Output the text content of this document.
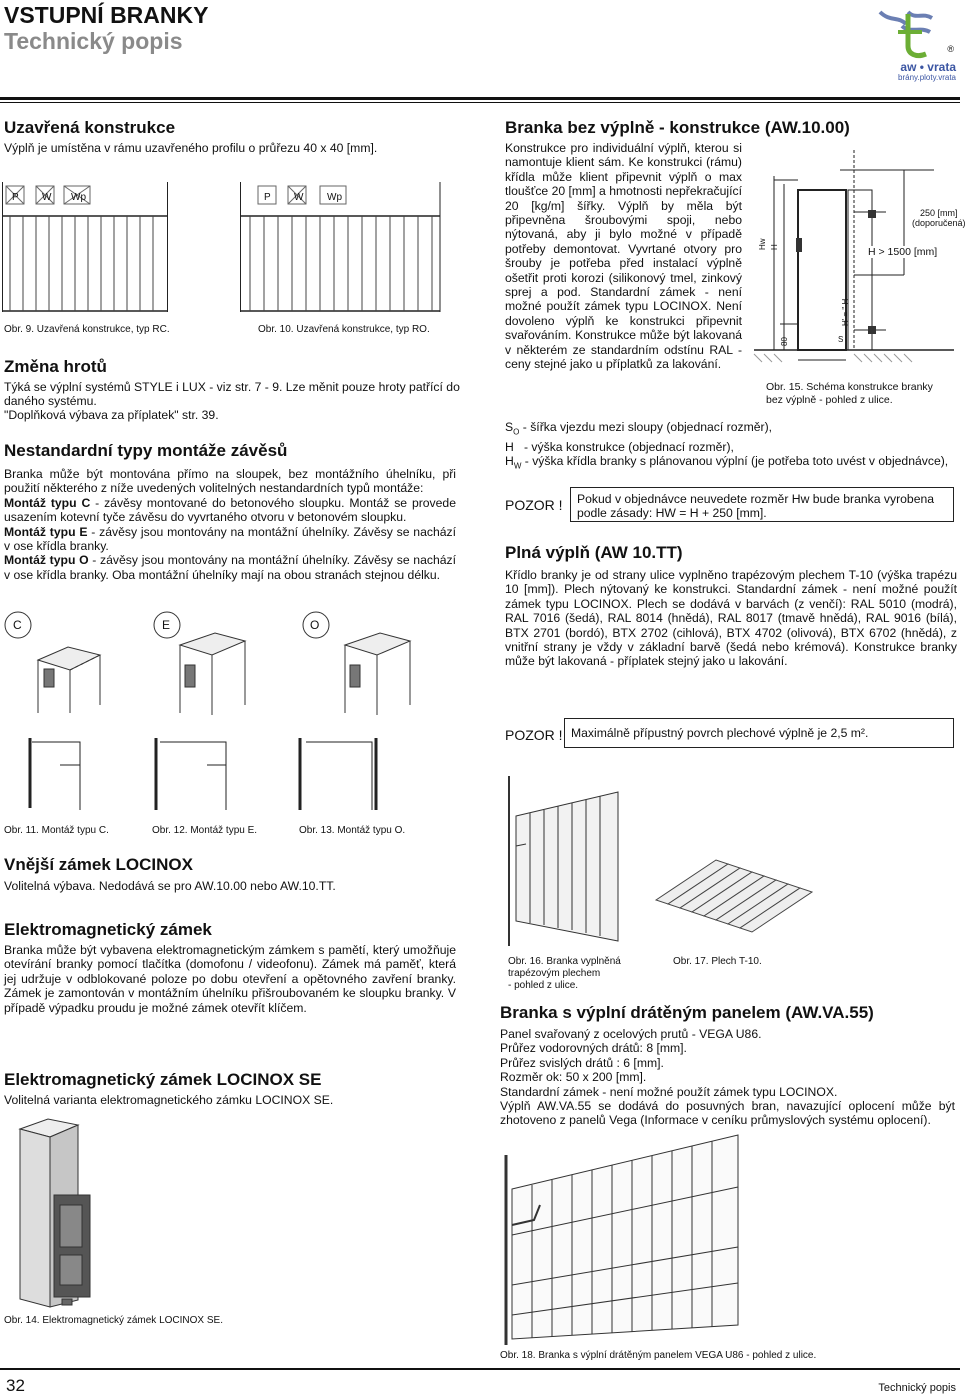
VSTUPNÍ BRANKY
Technický popis	®
aw • vrata
brány.ploty.vrata
Uzavřená konstrukce
Výplň je umístěna v rámu uzavřeného profilu o průřezu 40 x 40 [mm].
P W Wp
Obr. 9. Uzavřená konstrukce, typ RC.
P W Wp
Obr. 10. Uzavřená konstrukce, typ RO.
Změna hrotů
Týká se výplní systémů STYLE i LUX - viz str. 7 - 9. Lze měnit pouze hroty patřící do
daného systému.
"Doplňková výbava za příplatek" str. 39.
Nestandardní typy montáže závěsů
Branka může být montována přímo na sloupek, bez montážního úhelníku, při použití některého z níže uvedených volitelných nestandardních typů montáže:
Montáž typu C - závěsy montované do betonového sloupku. Montáž se provede usazením kotevní tyče závěsu do vyvrtaného otvoru v betonovém sloupku.
Montáž typu E - závěsy jsou montovány na montážní úhelníky. Závěsy se nachází v ose křídla branky.
Montáž typu O - závěsy jsou montovány na montážní úhelníky. Závěsy se nachází v ose křídla branky. Oba montážní úhelníky mají na obou stranách stejnou délku.
C	E	O
Obr. 11. Montáž typu C.	Obr. 12. Montáž typu E.	Obr. 13. Montáž typu O.
Vnější zámek LOCINOX
Volitelná výbava. Nedodává se pro AW.10.00 nebo AW.10.TT.
Elektromagnetický zámek
Branka může být vybavena elektromagnetickým zámkem s pamětí, který umožňuje otevírání branky pomocí tlačítka (domofonu / videofonu). Zámek má paměť, která jej udržuje v odblokované poloze po dobu otevření a opětovného zavření branky. Zámek je zamontován v montážním úhelníku přišroubovaném ke sloupku branky. V případě výpadku proudu je možné zámek otevřít klíčem.
Elektromagnetický zámek LOCINOX SE
Volitelná varianta elektromagnetického zámku LOCINOX SE.
Obr. 14. Elektromagnetický zámek LOCINOX SE.
Branka bez výplně - konstrukce (AW.10.00)
Konstrukce pro individuální výplň, kterou si namontuje klient sám. Ke konstrukci (rámu) křídla může klient připevnit výplň o max tloušťce 20 [mm] a hmotnosti nepřekračující 20 [kg/m] šířky. Výplň by měla být připevněna šroubovými spoji, nebo nýtovaná, aby ji bylo možné v případě potřeby demontovat. Vyvrtané otvory pro šrouby je potřeba před instalací výplně ošetřit proti korozi (silikonový tmel, zinkový sprej a pod. Standardní zámek - není možné použít zámek typu LOCINOX. Není dovoleno výplň ke konstrukci připevnit svařováním. Konstrukce může být lakovaná v některém ze standardním odstínu RAL - ceny stejné jako u příplatků za lakování.
250 [mm]
(doporučená)
H > 1500 [mm]
Hw H
80
H' = " H
S
Obr. 15. Schéma konstrukce branky
bez výplně - pohled z ulice.
$S_O$ - šířka vjezdu mezi sloupy (objednací rozměr),
H   - výška konstrukce (objednací rozměr),
$H_W$ - výška křídla branky s plánovanou výplní (je potřeba toto uvést v objednávce),
POZOR !	Pokud v objednávce neuvedete rozměr Hw bude branka vyrobena podle zásady: HW = H + 250 [mm].
Plná výplň (AW 10.TT)
Křídlo branky je od strany ulice vyplněno trapézovým plechem T-10 (výška trapézu 10 [mm]). Plech nýtovaný ke konstrukci. Standardní zámek - není možné použít zámek typu LOCINOX. Plech se dodává v barvách (z venčí): RAL 5010 (modrá), RAL 7016 (šedá), RAL 8014 (hnědá), RAL 8017 (tmavě hnědá), RAL 9016 (bílá), BTX 2701 (bordó), BTX 2702 (cihlová), BTX 4702 (olivová), BTX 6702 (hnědá), z vnitřní strany je vždy v základní barvě (šedá nebo krémová). Konstrukce branky může být lakovaná - příplatek stejný jako u lakování.
POZOR ! Maximálně přípustný povrch plechové výplně je 2,5 m².
Obr. 16. Branka vyplněná
trapézovým plechem
- pohled z ulice.
Obr. 17. Plech T-10.
Branka s výplní drátěným panelem (AW.VA.55)
Panel svařovaný z ocelových prutů - VEGA U86.
Průřez vodorovných drátů: 8 [mm].
Průřez svislých drátů : 6 [mm].
Rozměr ok: 50 x 200 [mm].
Standardní zámek - není možné použít zámek typu LOCINOX.
Výplň AW.VA.55 se dodává do posuvných bran, navazující oplocení může být zhotoveno z panelů Vega (Informace v ceníku průmyslových systému oplocení).
Obr. 18. Branka s výplní drátěným panelem VEGA U86 - pohled z ulice.
32	Technický popis
